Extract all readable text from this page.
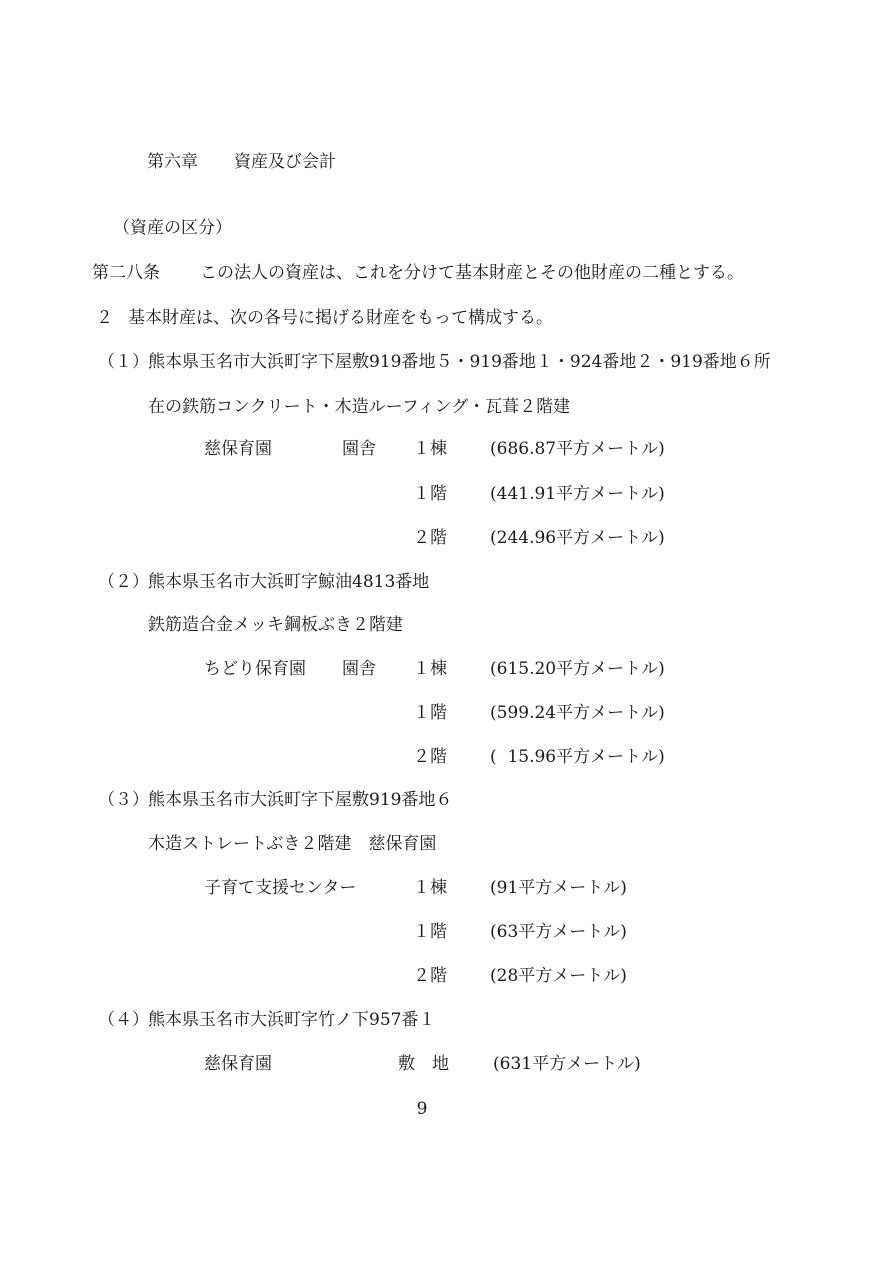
第六章 資産及び会計
（資産の区分）
第二八条 この法人の資産は、これを分けて基本財産とその他財産の二種とする。
２ 基本財産は、次の各号に掲げる財産をもって構成する。
（１） 熊本県玉名市大浜町字下屋敷919番地５・919番地１・924番地２・919番地６所
在の鉄筋コンクリート・木造ルーフィング・瓦葺２階建
慈保育園	園舎 １棟	(686.87平方メートル)
１階	(441.91平方メートル)
２階	(244.96平方メートル)
（２） 熊本県玉名市大浜町字鯨油4813番地
鉄筋造合金メッキ鋼板ぶき２階建
ちどり保育園 園舎 １棟	(615.20平方メートル)
１階	(599.24平方メートル)
２階	(  15.96平方メートル)
（３） 熊本県玉名市大浜町字下屋敷919番地６
木造ストレートぶき２階建　慈保育園
子育て支援センター	１棟	(91平方メートル)
１階	(63平方メートル)
２階	(28平方メートル)
（４） 熊本県玉名市大浜町字竹ノ下957番１
慈保育園	敷　地	(631平方メートル)
9
